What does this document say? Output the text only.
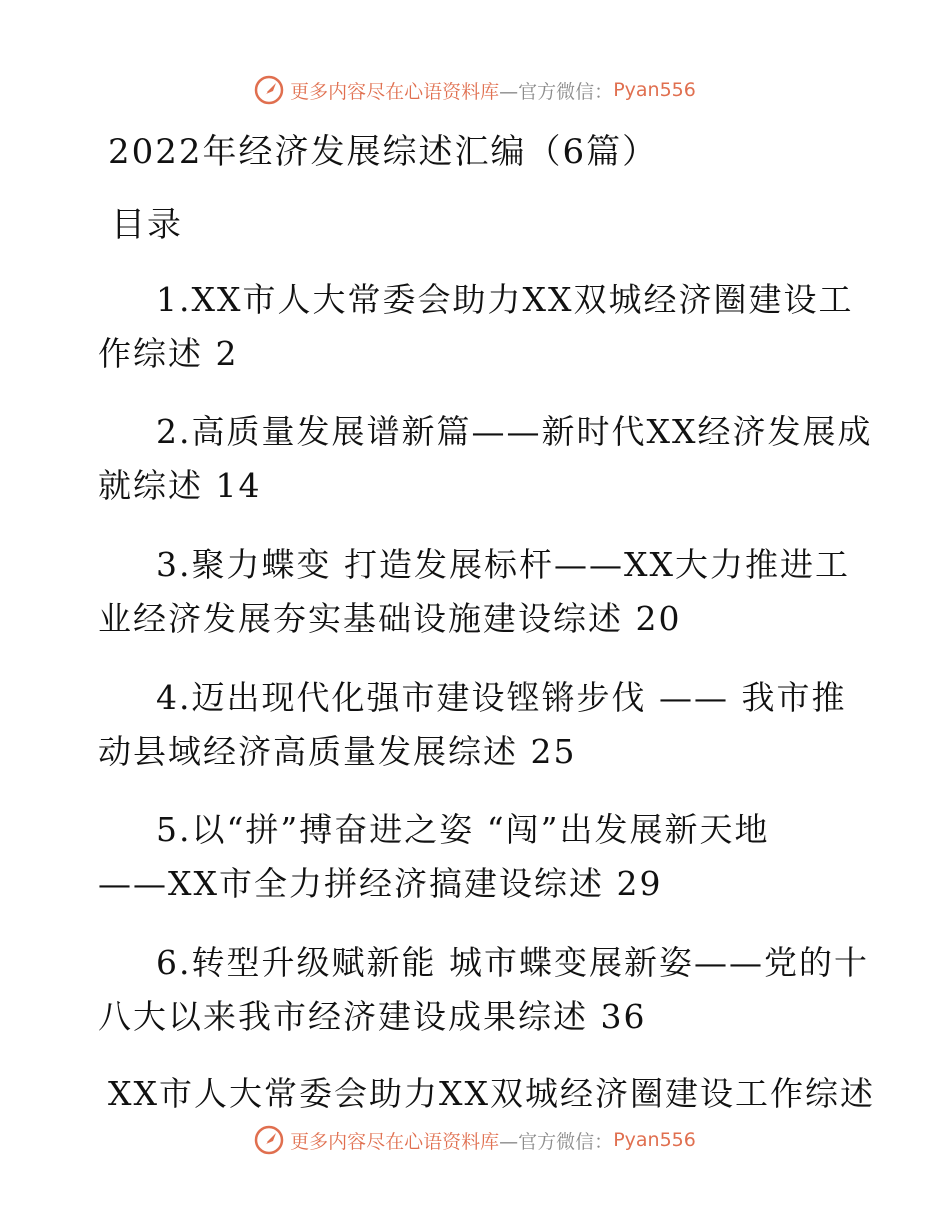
更多内容尽在心语资料库 —官方微信： Pyan556
2022年经济发展综述汇编（6篇）
目录
1.XX市人大常委会助力XX双城经济圈建设工
作综述 2
2.高质量发展谱新篇——新时代XX经济发展成
就综述 14
3.聚力蝶变 打造发展标杆——XX大力推进工
业经济发展夯实基础设施建设综述 20
4.迈出现代化强市建设铿锵步伐 —— 我市推
动县域经济高质量发展综述 25
5.以“拼”搏奋进之姿 “闯”出发展新天地
——XX市全力拼经济搞建设综述 29
6.转型升级赋新能 城市蝶变展新姿——党的十
八大以来我市经济建设成果综述 36
XX市人大常委会助力XX双城经济圈建设工作综述
更多内容尽在心语资料库 —官方微信： Pyan556
